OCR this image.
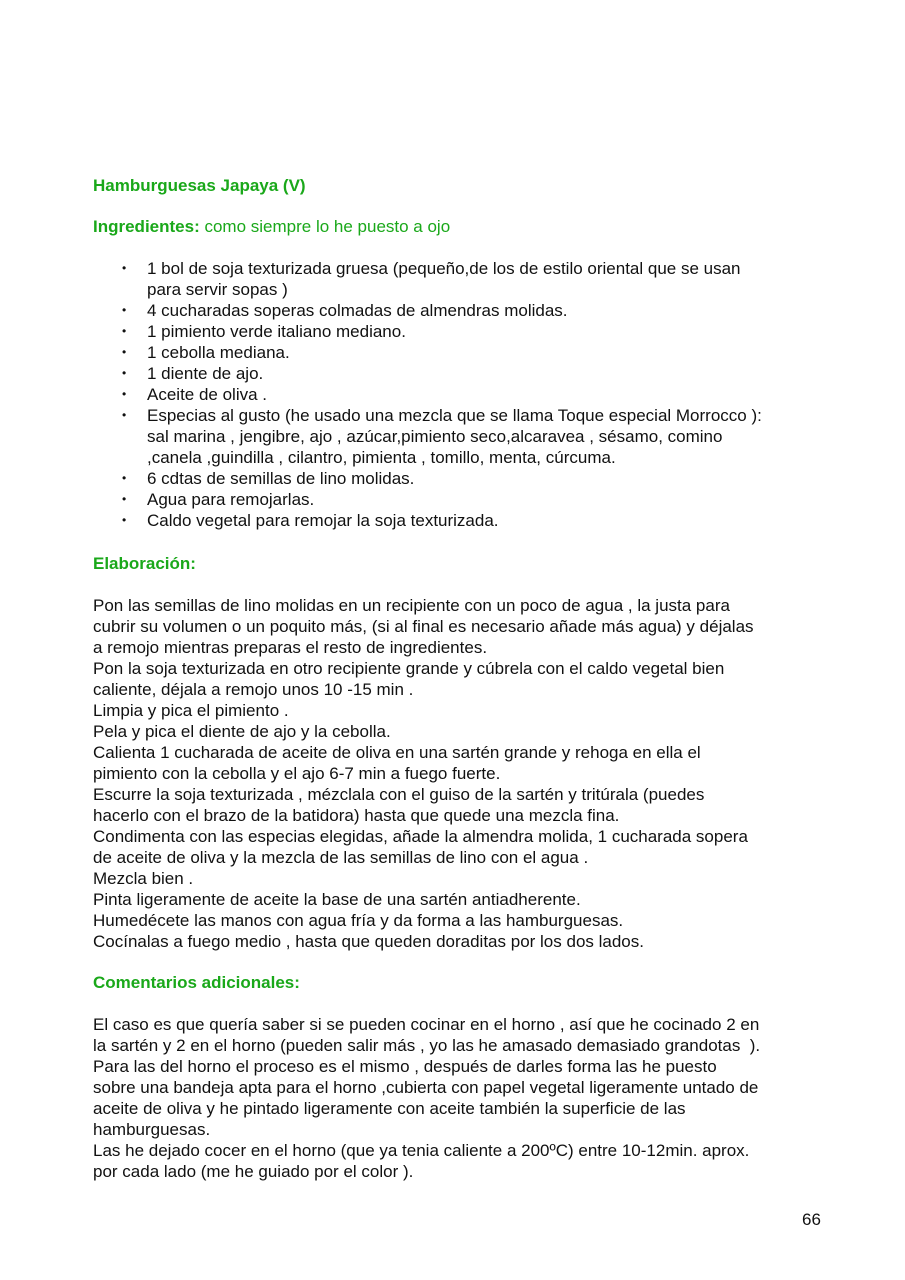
Hamburguesas Japaya (V)
Ingredientes: como siempre lo he puesto a ojo
• 1 bol de soja texturizada gruesa (pequeño,de los de estilo oriental que se usan
para servir sopas )
• 4 cucharadas soperas colmadas de almendras molidas.
• 1 pimiento verde italiano mediano.
• 1 cebolla mediana.
• 1 diente de ajo.
• Aceite de oliva .
• Especias al gusto (he usado una mezcla que se llama Toque especial Morrocco ):
sal marina , jengibre, ajo , azúcar,pimiento seco,alcaravea , sésamo, comino
,canela ,guindilla , cilantro, pimienta , tomillo, menta, cúrcuma.
• 6 cdtas de semillas de lino molidas.
• Agua para remojarlas.
• Caldo vegetal para remojar la soja texturizada.
Elaboración:
Pon las semillas de lino molidas en un recipiente con un poco de agua , la justa para
cubrir su volumen o un poquito más, (si al final es necesario añade más agua) y déjalas
a remojo mientras preparas el resto de ingredientes.
Pon la soja texturizada en otro recipiente grande y cúbrela con el caldo vegetal bien
caliente, déjala a remojo unos 10 -15 min .
Limpia y pica el pimiento .
Pela y pica el diente de ajo y la cebolla.
Calienta 1 cucharada de aceite de oliva en una sartén grande y rehoga en ella el
pimiento con la cebolla y el ajo 6-7 min a fuego fuerte.
Escurre la soja texturizada , mézclala con el guiso de la sartén y tritúrala (puedes
hacerlo con el brazo de la batidora) hasta que quede una mezcla fina.
Condimenta con las especias elegidas, añade la almendra molida, 1 cucharada sopera
de aceite de oliva y la mezcla de las semillas de lino con el agua .
Mezcla bien .
Pinta ligeramente de aceite la base de una sartén antiadherente.
Humedécete las manos con agua fría y da forma a las hamburguesas.
Cocínalas a fuego medio , hasta que queden doraditas por los dos lados.
Comentarios adicionales:
El caso es que quería saber si se pueden cocinar en el horno , así que he cocinado 2 en
la sartén y 2 en el horno (pueden salir más , yo las he amasado demasiado grandotas  ).
Para las del horno el proceso es el mismo , después de darles forma las he puesto
sobre una bandeja apta para el horno ,cubierta con papel vegetal ligeramente untado de
aceite de oliva y he pintado ligeramente con aceite también la superficie de las
hamburguesas.
Las he dejado cocer en el horno (que ya tenia caliente a 200ºC) entre 10-12min. aprox.
por cada lado (me he guiado por el color ).
66
